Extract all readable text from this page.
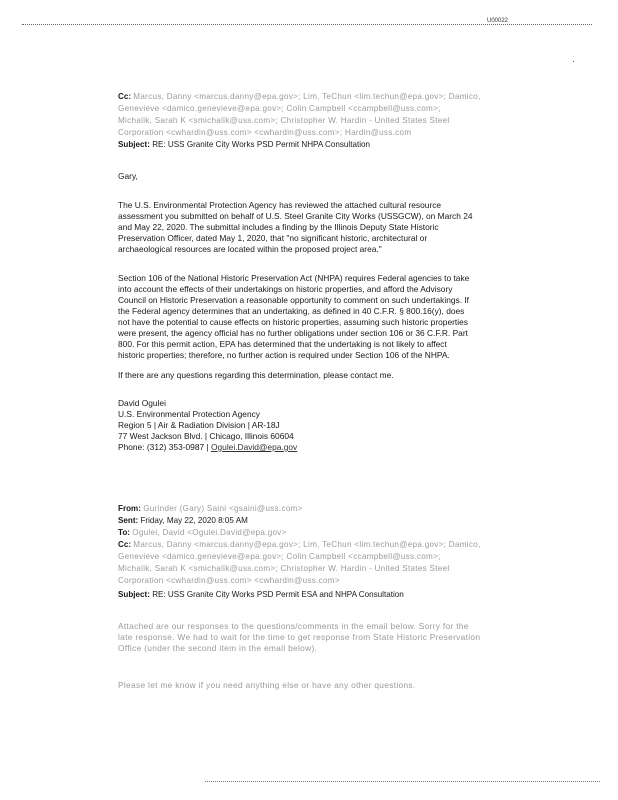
U00022
·
Cc: Marcus, Danny <marcus.danny@epa.gov>; Lim, TeChun <lim.techun@epa.gov>; Damico,
Genevieve <damico.genevieve@epa.gov>; Colin Campbell <ccampbell@uss.com>;
Michalik, Sarah K <smichalik@uss.com>; Christopher W. Hardin - United States Steel
Corporation <cwhardin@uss.com> <cwhardin@uss.com>; Hardin@uss.com
Subject: RE: USS Granite City Works PSD Permit NHPA Consultation
Gary,
The U.S. Environmental Protection Agency has reviewed the attached cultural resource
assessment you submitted on behalf of U.S. Steel Granite City Works (USSGCW), on March 24
and May 22, 2020. The submittal includes a finding by the Illinois Deputy State Historic
Preservation Officer, dated May 1, 2020, that "no significant historic, architectural or
archaeological resources are located within the proposed project area."
Section 106 of the National Historic Preservation Act (NHPA) requires Federal agencies to take
into account the effects of their undertakings on historic properties, and afford the Advisory
Council on Historic Preservation a reasonable opportunity to comment on such undertakings. If
the Federal agency determines that an undertaking, as defined in 40 C.F.R. § 800.16(y), does
not have the potential to cause effects on historic properties, assuming such historic properties
were present, the agency official has no further obligations under section 106 or 36 C.F.R. Part
800. For this permit action, EPA has determined that the undertaking is not likely to affect
historic properties; therefore, no further action is required under Section 106 of the NHPA.
If there are any questions regarding this determination, please contact me.
David Ogulei
U.S. Environmental Protection Agency
Region 5 | Air & Radiation Division | AR-18J
77 West Jackson Blvd. | Chicago, Illinois 60604
Phone: (312) 353-0987 | Ogulei.David@epa.gov
From: Gurinder (Gary) Saini <gsaini@uss.com>
Sent: Friday, May 22, 2020 8:05 AM
To: Ogulei, David <Ogulei.David@epa.gov>
Cc: Marcus, Danny <marcus.danny@epa.gov>; Lim, TeChun <lim.techun@epa.gov>; Damico,
Genevieve <damico.genevieve@epa.gov>; Colin Campbell <ccampbell@uss.com>;
Michalik, Sarah K <smichalik@uss.com>; Christopher W. Hardin - United States Steel
Corporation <cwhardin@uss.com> <cwhardin@uss.com>
Subject: RE: USS Granite City Works PSD Permit ESA and NHPA Consultation
Attached are our responses to the questions/comments in the email below. Sorry for the
late response. We had to wait for the time to get response from State Historic Preservation
Office (under the second item in the email below).
Please let me know if you need anything else or have any other questions.
